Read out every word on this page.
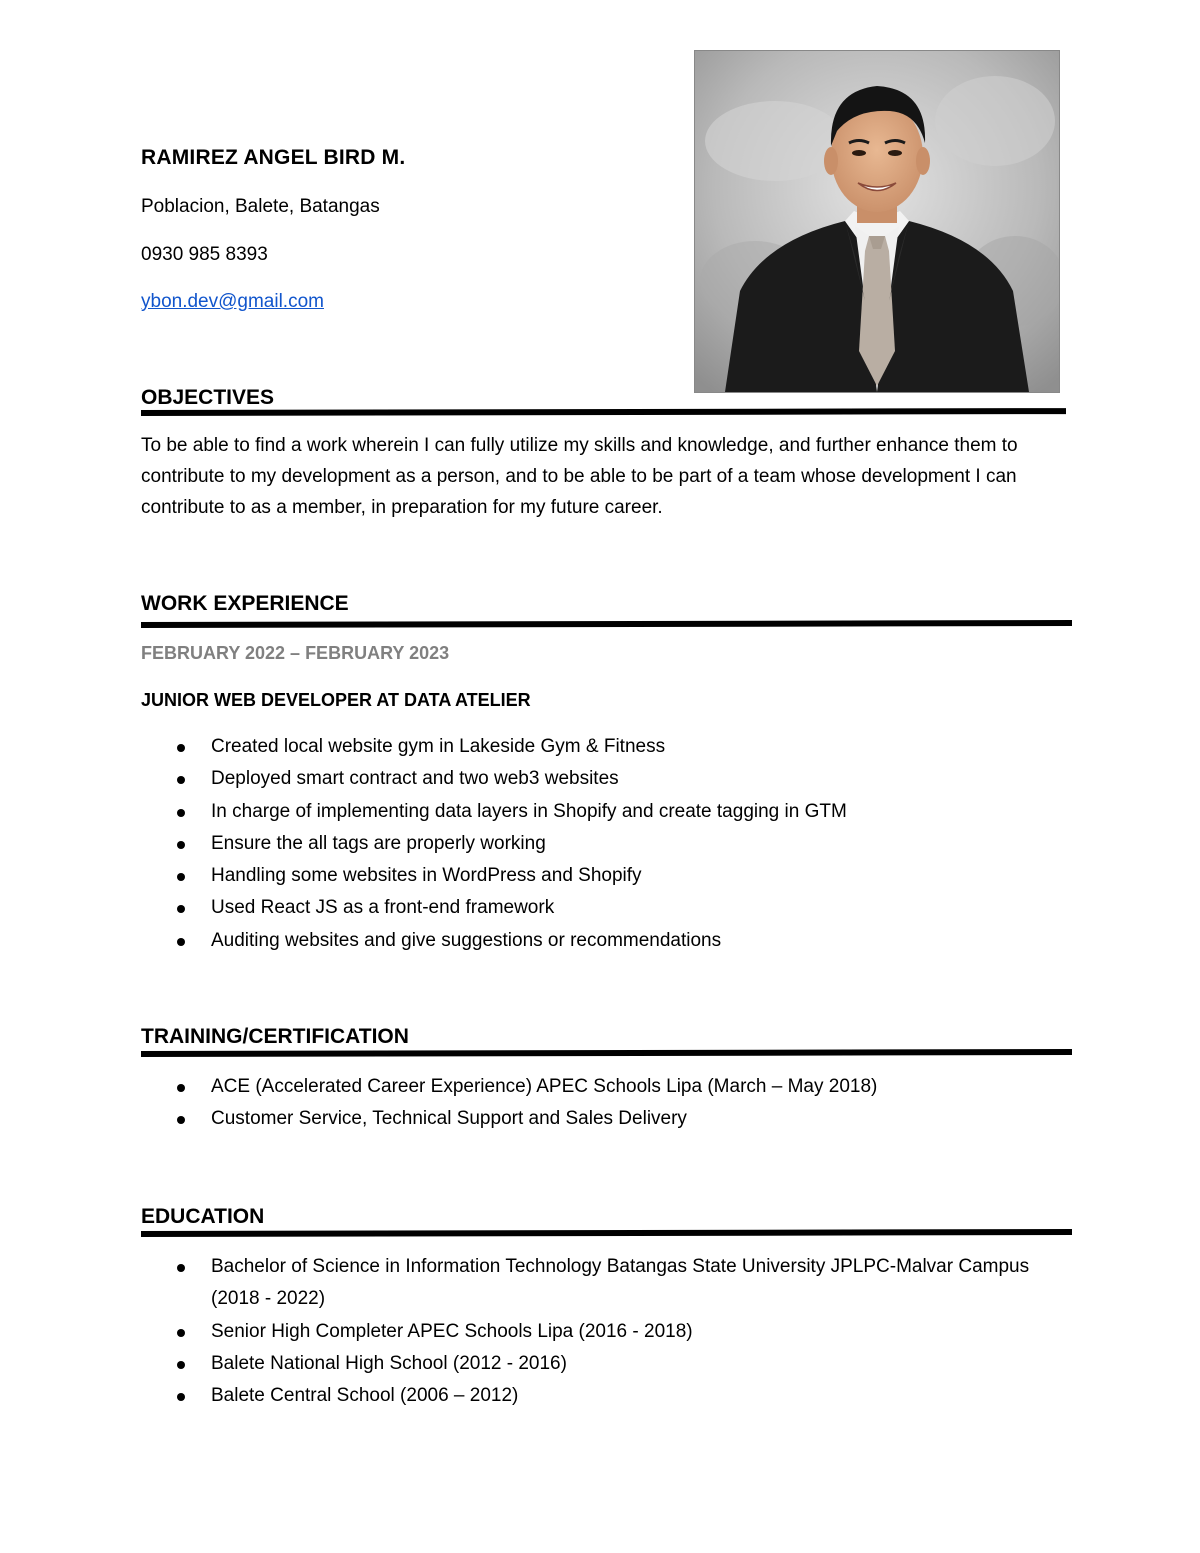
RAMIREZ ANGEL BIRD M.
Poblacion, Balete, Batangas
0930 985 8393
ybon.dev@gmail.com
OBJECTIVES
To be able to find a work wherein I can fully utilize my skills and knowledge, and further enhance them to contribute to my development as a person, and to be able to be part of a team whose development I can contribute to as a member, in preparation for my future career.
WORK EXPERIENCE
FEBRUARY 2022 – FEBRUARY 2023
JUNIOR WEB DEVELOPER AT DATA ATELIER
Created local website gym in Lakeside Gym & Fitness
Deployed smart contract and two web3 websites
In charge of implementing data layers in Shopify and create tagging in GTM
Ensure the all tags are properly working
Handling some websites in WordPress and Shopify
Used React JS as a front-end framework
Auditing websites and give suggestions or recommendations
TRAINING/CERTIFICATION
ACE (Accelerated Career Experience) APEC Schools Lipa (March – May 2018)
Customer Service, Technical Support and Sales Delivery
EDUCATION
Bachelor of Science in Information Technology Batangas State University JPLPC-Malvar Campus (2018 - 2022)
Senior High Completer APEC Schools Lipa (2016 - 2018)
Balete National High School (2012 - 2016)
Balete Central School (2006 – 2012)
